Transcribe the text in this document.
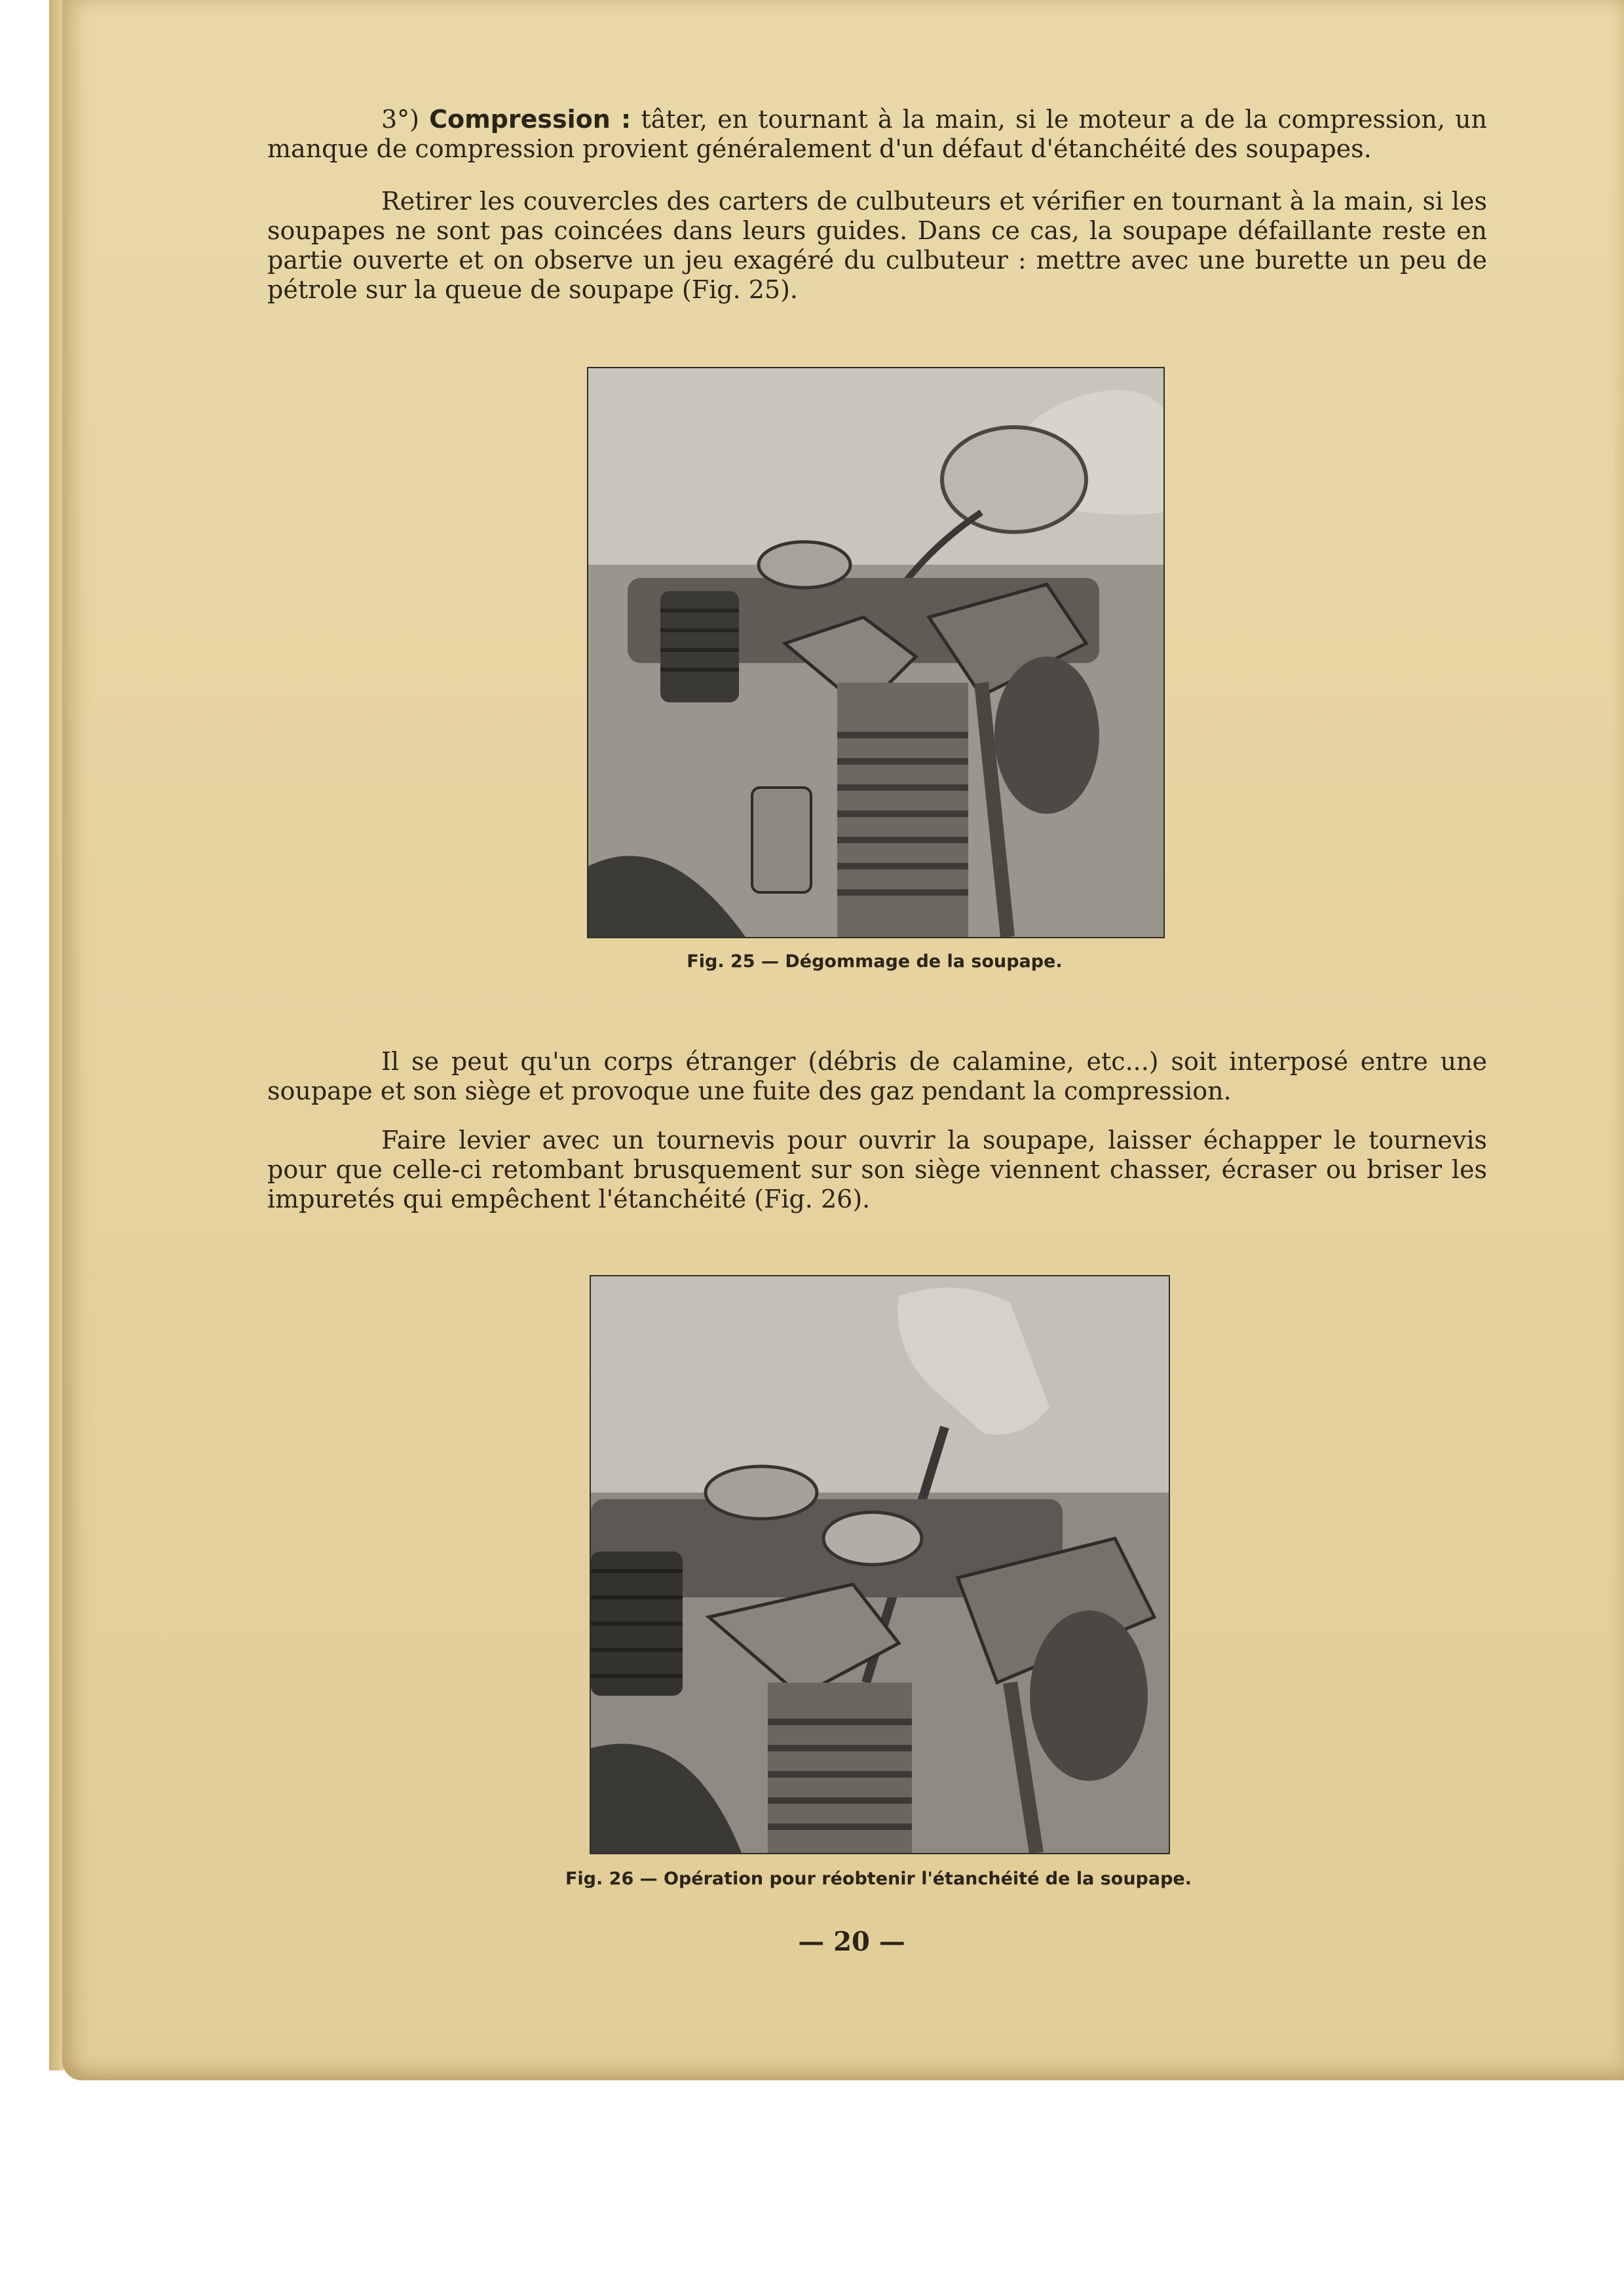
3°) Compression : tâter, en tournant à la main, si le moteur a de la compression, un manque de compression provient généralement d'un défaut d'étanchéité des soupapes.

Retirer les couvercles des carters de culbuteurs et vérifier en tournant à la main, si les soupapes ne sont pas coincées dans leurs guides. Dans ce cas, la soupape défaillante reste en partie ouverte et on observe un jeu exagéré du culbuteur : mettre avec une burette un peu de pétrole sur la queue de soupape (Fig. 25).

Fig. 25 — Dégommage de la soupape.

Il se peut qu'un corps étranger (débris de calamine, etc...) soit interposé entre une soupape et son siège et provoque une fuite des gaz pendant la compression.

Faire levier avec un tournevis pour ouvrir la soupape, laisser échapper le tournevis pour que celle-ci retombant brusquement sur son siège viennent chasser, écraser ou briser les impuretés qui empêchent l'étanchéité (Fig. 26).

Fig. 26 — Opération pour réobtenir l'étanchéité de la soupape.

— 20 —
